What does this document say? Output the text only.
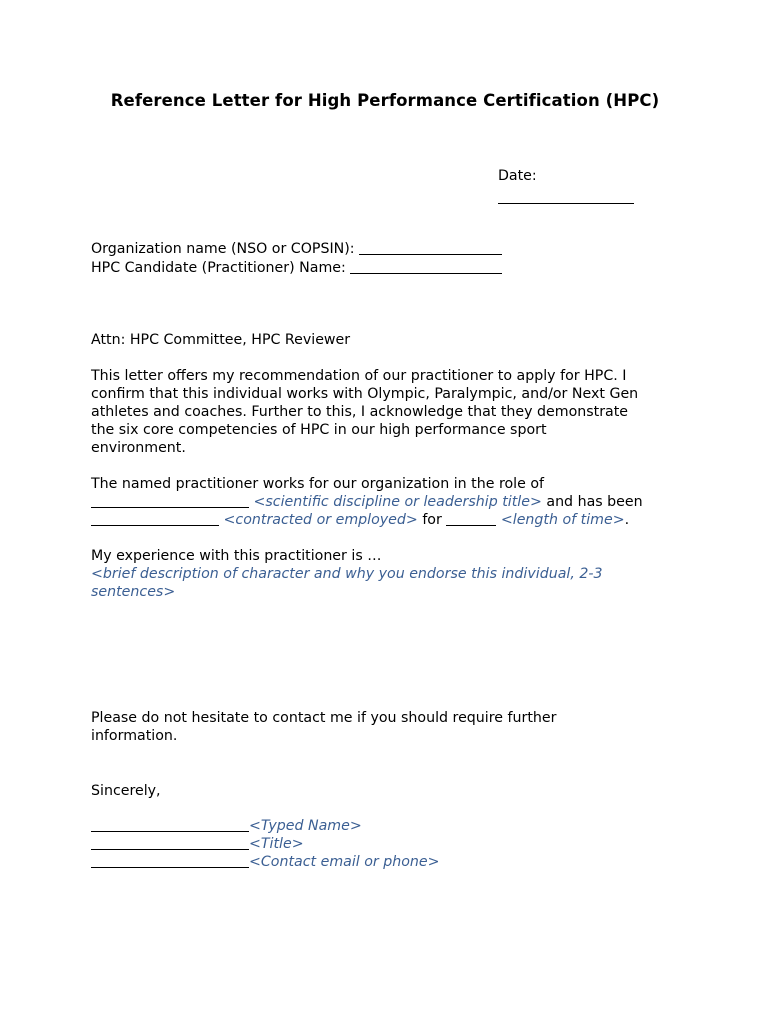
Reference Letter for High Performance Certification (HPC)
Date:
Organization name (NSO or COPSIN):
HPC Candidate (Practitioner) Name:
Attn: HPC Committee, HPC Reviewer
This letter offers my recommendation of our practitioner to apply for HPC. I
confirm that this individual works with Olympic, Paralympic, and/or Next Gen
athletes and coaches. Further to this, I acknowledge that they demonstrate
the six core competencies of HPC in our high performance sport
environment.
The named practitioner works for our organization in the role of
<scientific discipline or leadership title> and has been
<contracted or employed> for	<length of time>.
My experience with this practitioner is …
<brief description of character and why you endorse this individual, 2-3
sentences>
Please do not hesitate to contact me if you should require further
information.
Sincerely,
<Typed Name>
<Title>
<Contact email or phone>
